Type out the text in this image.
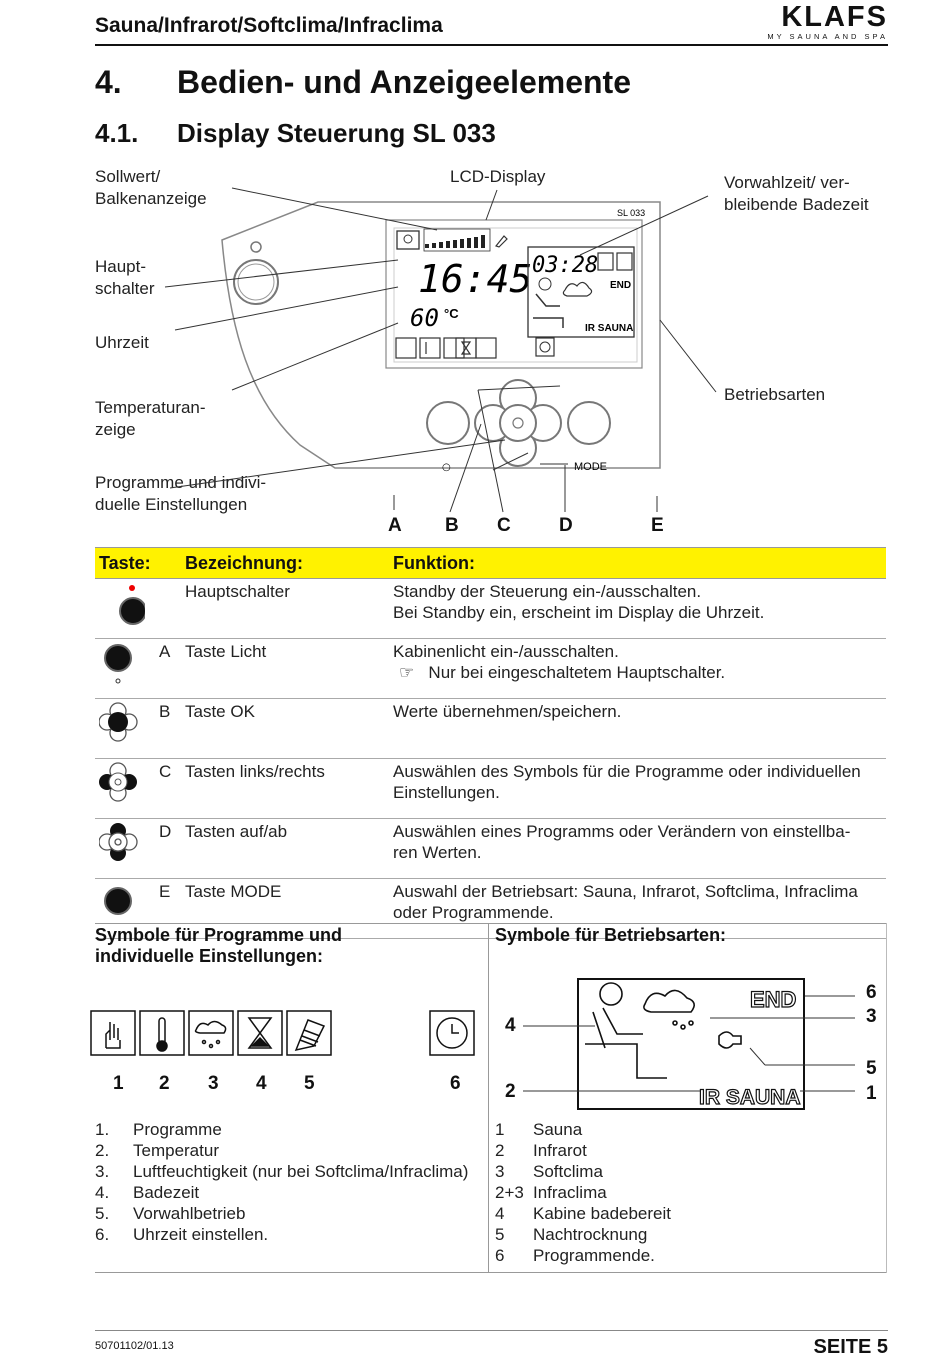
Sauna/Infrarot/Softclima/Infraclima	KLAFS
MY SAUNA AND SPA
4. Bedien- und Anzeigeelemente
4.1. Display Steuerung SL 033
Sollwert/
Balkenanzeige
LCD-Display	Vorwahlzeit/ ver-
bleibende Badezeit
Haupt-
schalter
Uhrzeit
Temperaturan-
zeige
Betriebsarten
Programme und indivi-
duelle Einstellungen
SL 033
16:45
60 °C
03:28
END
IR SAUNA
○	MODE
A B C	D	E
Taste:		Bezeichnung:	Funktion:
		Hauptschalter	Standby der Steuerung ein-/ausschalten.
Bei Standby ein, erscheint im Display die Uhrzeit.

	A	Taste Licht	Kabinenlicht ein-/ausschalten.
☞ Nur bei eingeschaltetem Hauptschalter.

	B	Taste OK	Werte übernehmen/speichern.

	C	Tasten links/rechts	Auswählen des Symbols für die Programme oder individuellen
Einstellungen.

	D	Tasten auf/ab	Auswählen eines Programms oder Verändern von einstellba-
ren Werten.

	E	Taste MODE	Auswahl der Betriebsart: Sauna, Infrarot, Softclima, Infraclima
oder Programmende.
Symbole für Programme und
individuelle Einstellungen:
Symbole für Betriebsarten:
1 2 3 4 5	6
END
IR SAUNA
4
2
6
3
5
1
1. Programme
2. Temperatur
3. Luftfeuchtigkeit (nur bei Softclima/Infraclima)
4. Badezeit
5. Vorwahlbetrieb
6. Uhrzeit einstellen.
1 Sauna
2 Infrarot
3 Softclima
2+3 Infraclima
4 Kabine badebereit
5 Nachtrocknung
6 Programmende.
50701102/01.13	SEITE 5
